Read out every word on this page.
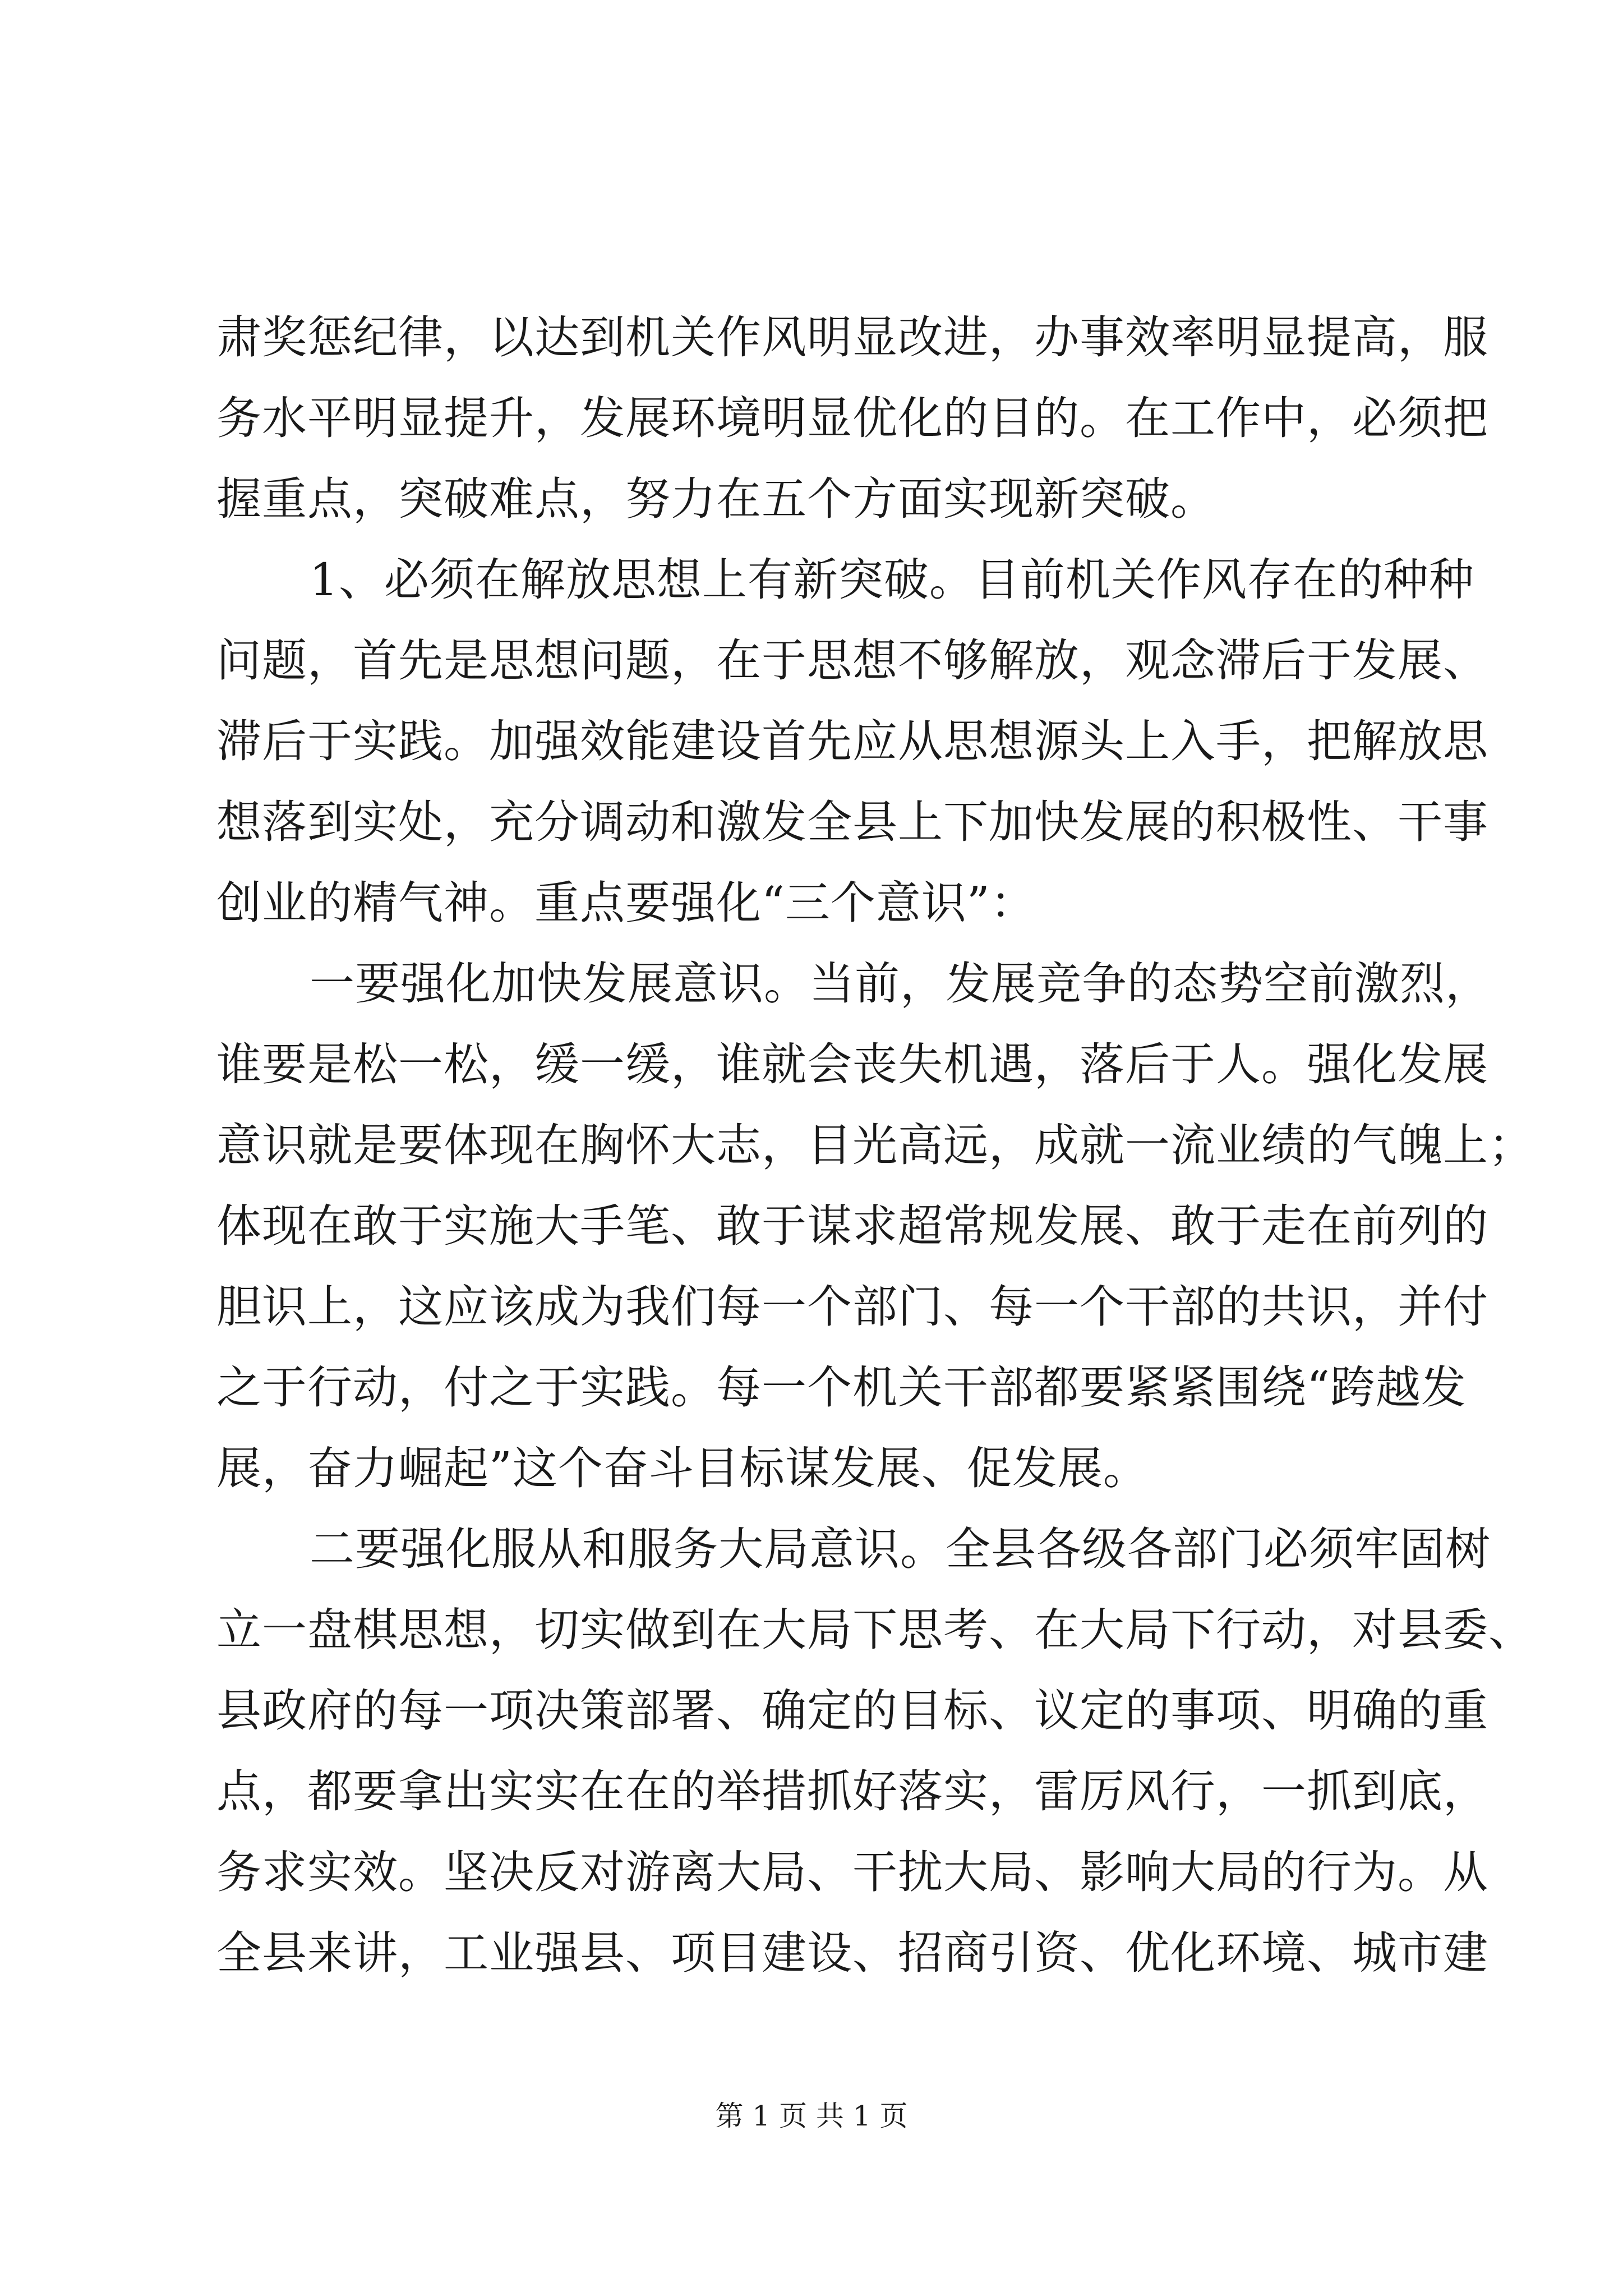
肃奖惩纪律，以达到机关作风明显改进，办事效率明显提高，服
务水平明显提升，发展环境明显优化的目的。在工作中，必须把
握重点，突破难点，努力在五个方面实现新突破。
1、必须在解放思想上有新突破。目前机关作风存在的种种
问题，首先是思想问题，在于思想不够解放，观念滞后于发展、
滞后于实践。加强效能建设首先应从思想源头上入手，把解放思
想落到实处，充分调动和激发全县上下加快发展的积极性、干事
创业的精气神。重点要强化“三个意识”：
一要强化加快发展意识。当前，发展竞争的态势空前激烈，
谁要是松一松，缓一缓，谁就会丧失机遇，落后于人。强化发展
意识就是要体现在胸怀大志，目光高远，成就一流业绩的气魄上；
体现在敢于实施大手笔、敢于谋求超常规发展、敢于走在前列的
胆识上，这应该成为我们每一个部门、每一个干部的共识，并付
之于行动，付之于实践。每一个机关干部都要紧紧围绕“跨越发
展，奋力崛起”这个奋斗目标谋发展、促发展。
二要强化服从和服务大局意识。全县各级各部门必须牢固树
立一盘棋思想，切实做到在大局下思考、在大局下行动，对县委、
县政府的每一项决策部署、确定的目标、议定的事项、明确的重
点，都要拿出实实在在的举措抓好落实，雷厉风行，一抓到底，
务求实效。坚决反对游离大局、干扰大局、影响大局的行为。从
全县来讲，工业强县、项目建设、招商引资、优化环境、城市建
第 1 页 共 1 页
